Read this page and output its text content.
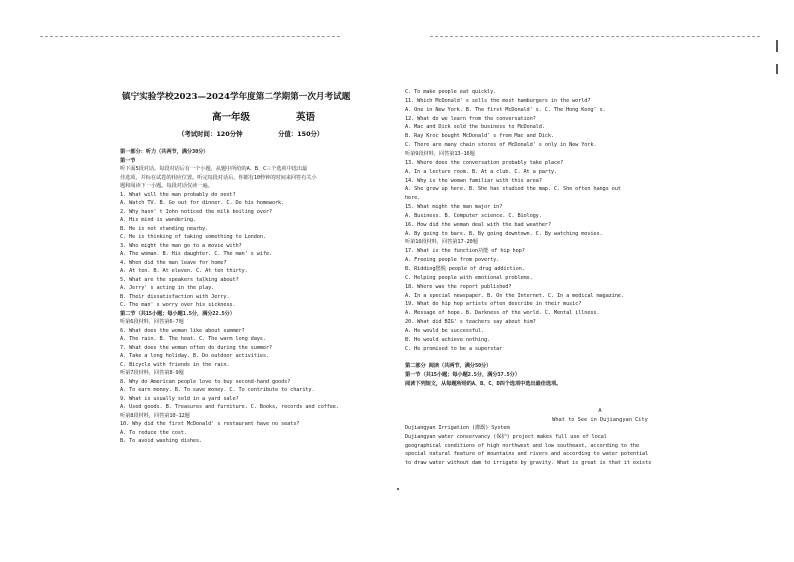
镇宁实验学校2023—2024学年度第二学期第一次月考试题
高一年级	英语
（考试时间：120分钟	分值：150分）
第一部分：听力（共两节，满分30分）
第一节
听下面5段对话。每段对话后有一个小题，从题中所给的A、B、C三个选项中选出最
佳选项，并标在试卷的相应位置。听完每段对话后，你都有10秒钟的时间来回答有关小
题和阅读下一小题。每段对话仅读一遍。
1. What will the man probably do next?
A. Watch TV. B. Go out for dinner. C. Do his homework.
2. Why hasn' t John noticed the milk boiling over?
A. His mind is wandering.
B. He is not standing nearby.
C. He is thinking of taking something to London.
3. Who might the man go to a movie with?
A. The woman. B. His daughter. C. The man' s wife.
4. When did the man leave for home?
A. At ten. B. At eleven. C. At ten thirty.
5. What are the speakers talking about?
A. Jerry' s acting in the play.
B. Their dissatisfaction with Jerry.
C. The man' s worry over his sickness.
第二节（共15小题；每小题1.5分，满分22.5分）
听第6段材料，回答第6-7题
6. What does the woman like about summer?
A. The rain. B. The heat. C. The warm long days.
7. What does the woman often do during the summer?
A. Take a long holiday. B. Do outdoor activities.
C. Bicycle with friends in the rain.
听第7段材料，回答第8-9题
8. Why do American people love to buy second-hand goods?
A. To earn money. B. To save money. C. To contribute to charity.
9. What is usually sold in a yard sale?
A. Used goods. B. Treasures and furniture. C. Books, records and coffee.
听第8段材料，回答第10-12题
10. Why did the first McDonald' s restaurant have no seats?
A. To reduce the cost.
B. To avoid washing dishes.
C. To make people eat quickly.
11. Which McDonald' s sells the most hamburgers in the world?
A. One in New York. B. The first McDonald' s. C. The Hong Kong' s.
12. What do we learn from the conversation?
A. Mac and Dick sold the business to McDonald.
B. Ray Kroc bought McDonald' s from Mac and Dick.
C. There are many chain stores of McDonald' s only in New York.
听第9段材料，回答第13-16题
13. Where does the conversation probably take place?
A. In a lecture room. B. At a club. C. At a party.
14. Why is the woman familiar with this area?
A. She grew up here. B. She has studied the map. C. She often hangs out
here.
15. What might the man major in?
A. Business. B. Computer science. C. Biology.
16. How did the woman deal with the bad weather?
A. By going to bars. B. By going downtown. C. By watching movies.
听第10段材料，回答第17-20题
17. What is the function功能 of hip hop?
A. Freeing people from poverty.
B. Ridding摆脱 people of drug addiction.
C. Helping people with emotional problems.
18. Where was the report published?
A. In a special newspaper. B. On the Internet. C. In a medical magazine.
19. What do hip hop artists often describe in their music?
A. Message of hope. B. Darkness of the world. C. Mental illness.
20. What did BIG' s teachers say about him?
A. He would be successful.
B. He would achieve nothing.
C. He promised to be a superstar
第二部分 阅读（共两节，满分50分）
第一节（共15小题；每小题2.5分，满分37.5分）
阅读下列短文，从每题所给的A、B、C、D四个选项中选出最佳选项。
A
What to See in Dujiangyan City
Dujiangyan Irrigation (灌溉) System
Dujiangyan water conservancy (保护) project makes full use of local
geographical conditions of high northwest and low southeast, according to the
special natural feature of mountains and rivers and according to water potential
to draw water without dam to irrigate by gravity. What is great is that it exists
